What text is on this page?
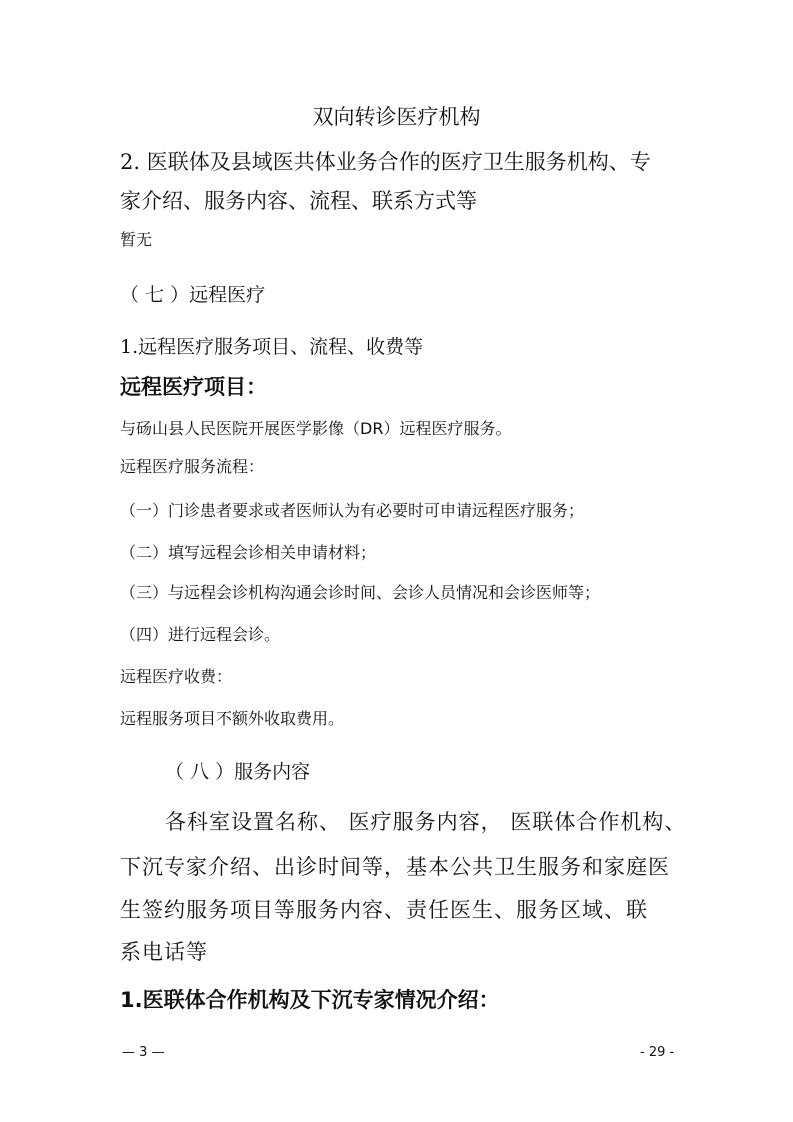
双向转诊医疗机构
2. 医联体及县域医共体业务合作的医疗卫生服务机构、专
家介绍、服务内容、流程、联系方式等
暂无
（ 七 ）远程医疗
1.远程医疗服务项目、流程、收费等
远程医疗项目：
与砀山县人民医院开展医学影像（DR）远程医疗服务。
远程医疗服务流程：
（一）门诊患者要求或者医师认为有必要时可申请远程医疗服务；
（二）填写远程会诊相关申请材料；
（三）与远程会诊机构沟通会诊时间、会诊人员情况和会诊医师等；
（四）进行远程会诊。
远程医疗收费：
远程服务项目不额外收取费用。
（ 八 ）服务内容
各科室设置名称、 医疗服务内容， 医联体合作机构、
下沉专家介绍、出诊时间等，基本公共卫生服务和家庭医
生签约服务项目等服务内容、责任医生、服务区域、联
系电话等
1.医联体合作机构及下沉专家情况介绍：
— 3 —	- 29 -
